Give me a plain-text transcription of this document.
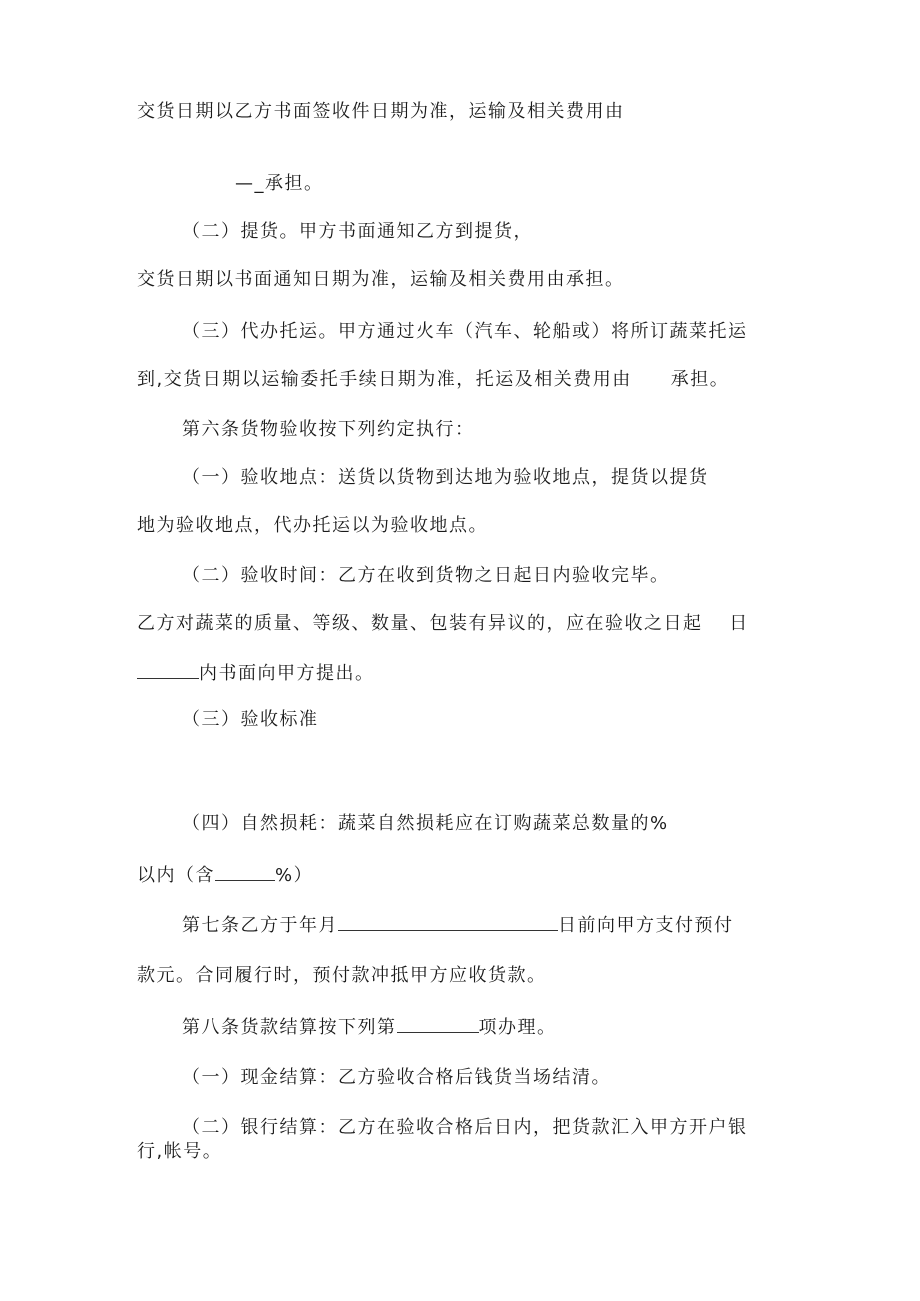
交货日期以乙方书面签收件日期为准，运输及相关费用由

—_承担。

（二）提货。甲方书面通知乙方到提货，

交货日期以书面通知日期为准，运输及相关费用由承担。

（三）代办托运。甲方通过火车（汽车、轮船或）将所订蔬菜托运

到,交货日期以运输委托手续日期为准，托运及相关费用由　　承担。

第六条货物验收按下列约定执行：

（一）验收地点：送货以货物到达地为验收地点，提货以提货

地为验收地点，代办托运以为验收地点。

（二）验收时间：乙方在收到货物之日起日内验收完毕。

乙方对蔬菜的质量、等级、数量、包装有异议的，应在验收之日起　 日

内书面向甲方提出。

（三）验收标准

（四）自然损耗：蔬菜自然损耗应在订购蔬菜总数量的%

以内（含	%）

第七条乙方于年月	日前向甲方支付预付

款元。合同履行时，预付款冲抵甲方应收货款。

第八条货款结算按下列第	项办理。

（一）现金结算：乙方验收合格后钱货当场结清。

（二）银行结算：乙方在验收合格后日内，把货款汇入甲方开户银

行,帐号。
